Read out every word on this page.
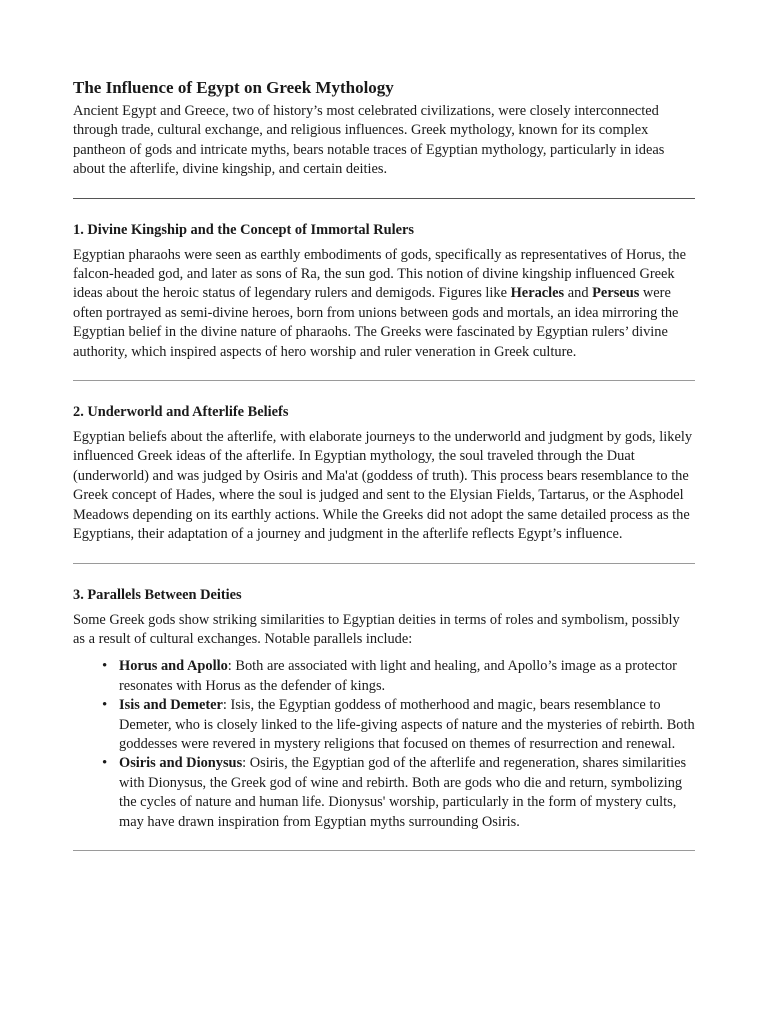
The Influence of Egypt on Greek Mythology

Ancient Egypt and Greece, two of history’s most celebrated civilizations, were closely interconnected through trade, cultural exchange, and religious influences. Greek mythology, known for its complex pantheon of gods and intricate myths, bears notable traces of Egyptian mythology, particularly in ideas about the afterlife, divine kingship, and certain deities.

1. Divine Kingship and the Concept of Immortal Rulers

Egyptian pharaohs were seen as earthly embodiments of gods, specifically as representatives of Horus, the falcon-headed god, and later as sons of Ra, the sun god. This notion of divine kingship influenced Greek ideas about the heroic status of legendary rulers and demigods. Figures like Heracles and Perseus were often portrayed as semi-divine heroes, born from unions between gods and mortals, an idea mirroring the Egyptian belief in the divine nature of pharaohs. The Greeks were fascinated by Egyptian rulers’ divine authority, which inspired aspects of hero worship and ruler veneration in Greek culture.

2. Underworld and Afterlife Beliefs

Egyptian beliefs about the afterlife, with elaborate journeys to the underworld and judgment by gods, likely influenced Greek ideas of the afterlife. In Egyptian mythology, the soul traveled through the Duat (underworld) and was judged by Osiris and Ma'at (goddess of truth). This process bears resemblance to the Greek concept of Hades, where the soul is judged and sent to the Elysian Fields, Tartarus, or the Asphodel Meadows depending on its earthly actions. While the Greeks did not adopt the same detailed process as the Egyptians, their adaptation of a journey and judgment in the afterlife reflects Egypt’s influence.

3. Parallels Between Deities

Some Greek gods show striking similarities to Egyptian deities in terms of roles and symbolism, possibly as a result of cultural exchanges. Notable parallels include:

• Horus and Apollo: Both are associated with light and healing, and Apollo’s image as a protector resonates with Horus as the defender of kings.
• Isis and Demeter: Isis, the Egyptian goddess of motherhood and magic, bears resemblance to Demeter, who is closely linked to the life-giving aspects of nature and the mysteries of rebirth. Both goddesses were revered in mystery religions that focused on themes of resurrection and renewal.
• Osiris and Dionysus: Osiris, the Egyptian god of the afterlife and regeneration, shares similarities with Dionysus, the Greek god of wine and rebirth. Both are gods who die and return, symbolizing the cycles of nature and human life. Dionysus' worship, particularly in the form of mystery cults, may have drawn inspiration from Egyptian myths surrounding Osiris.
